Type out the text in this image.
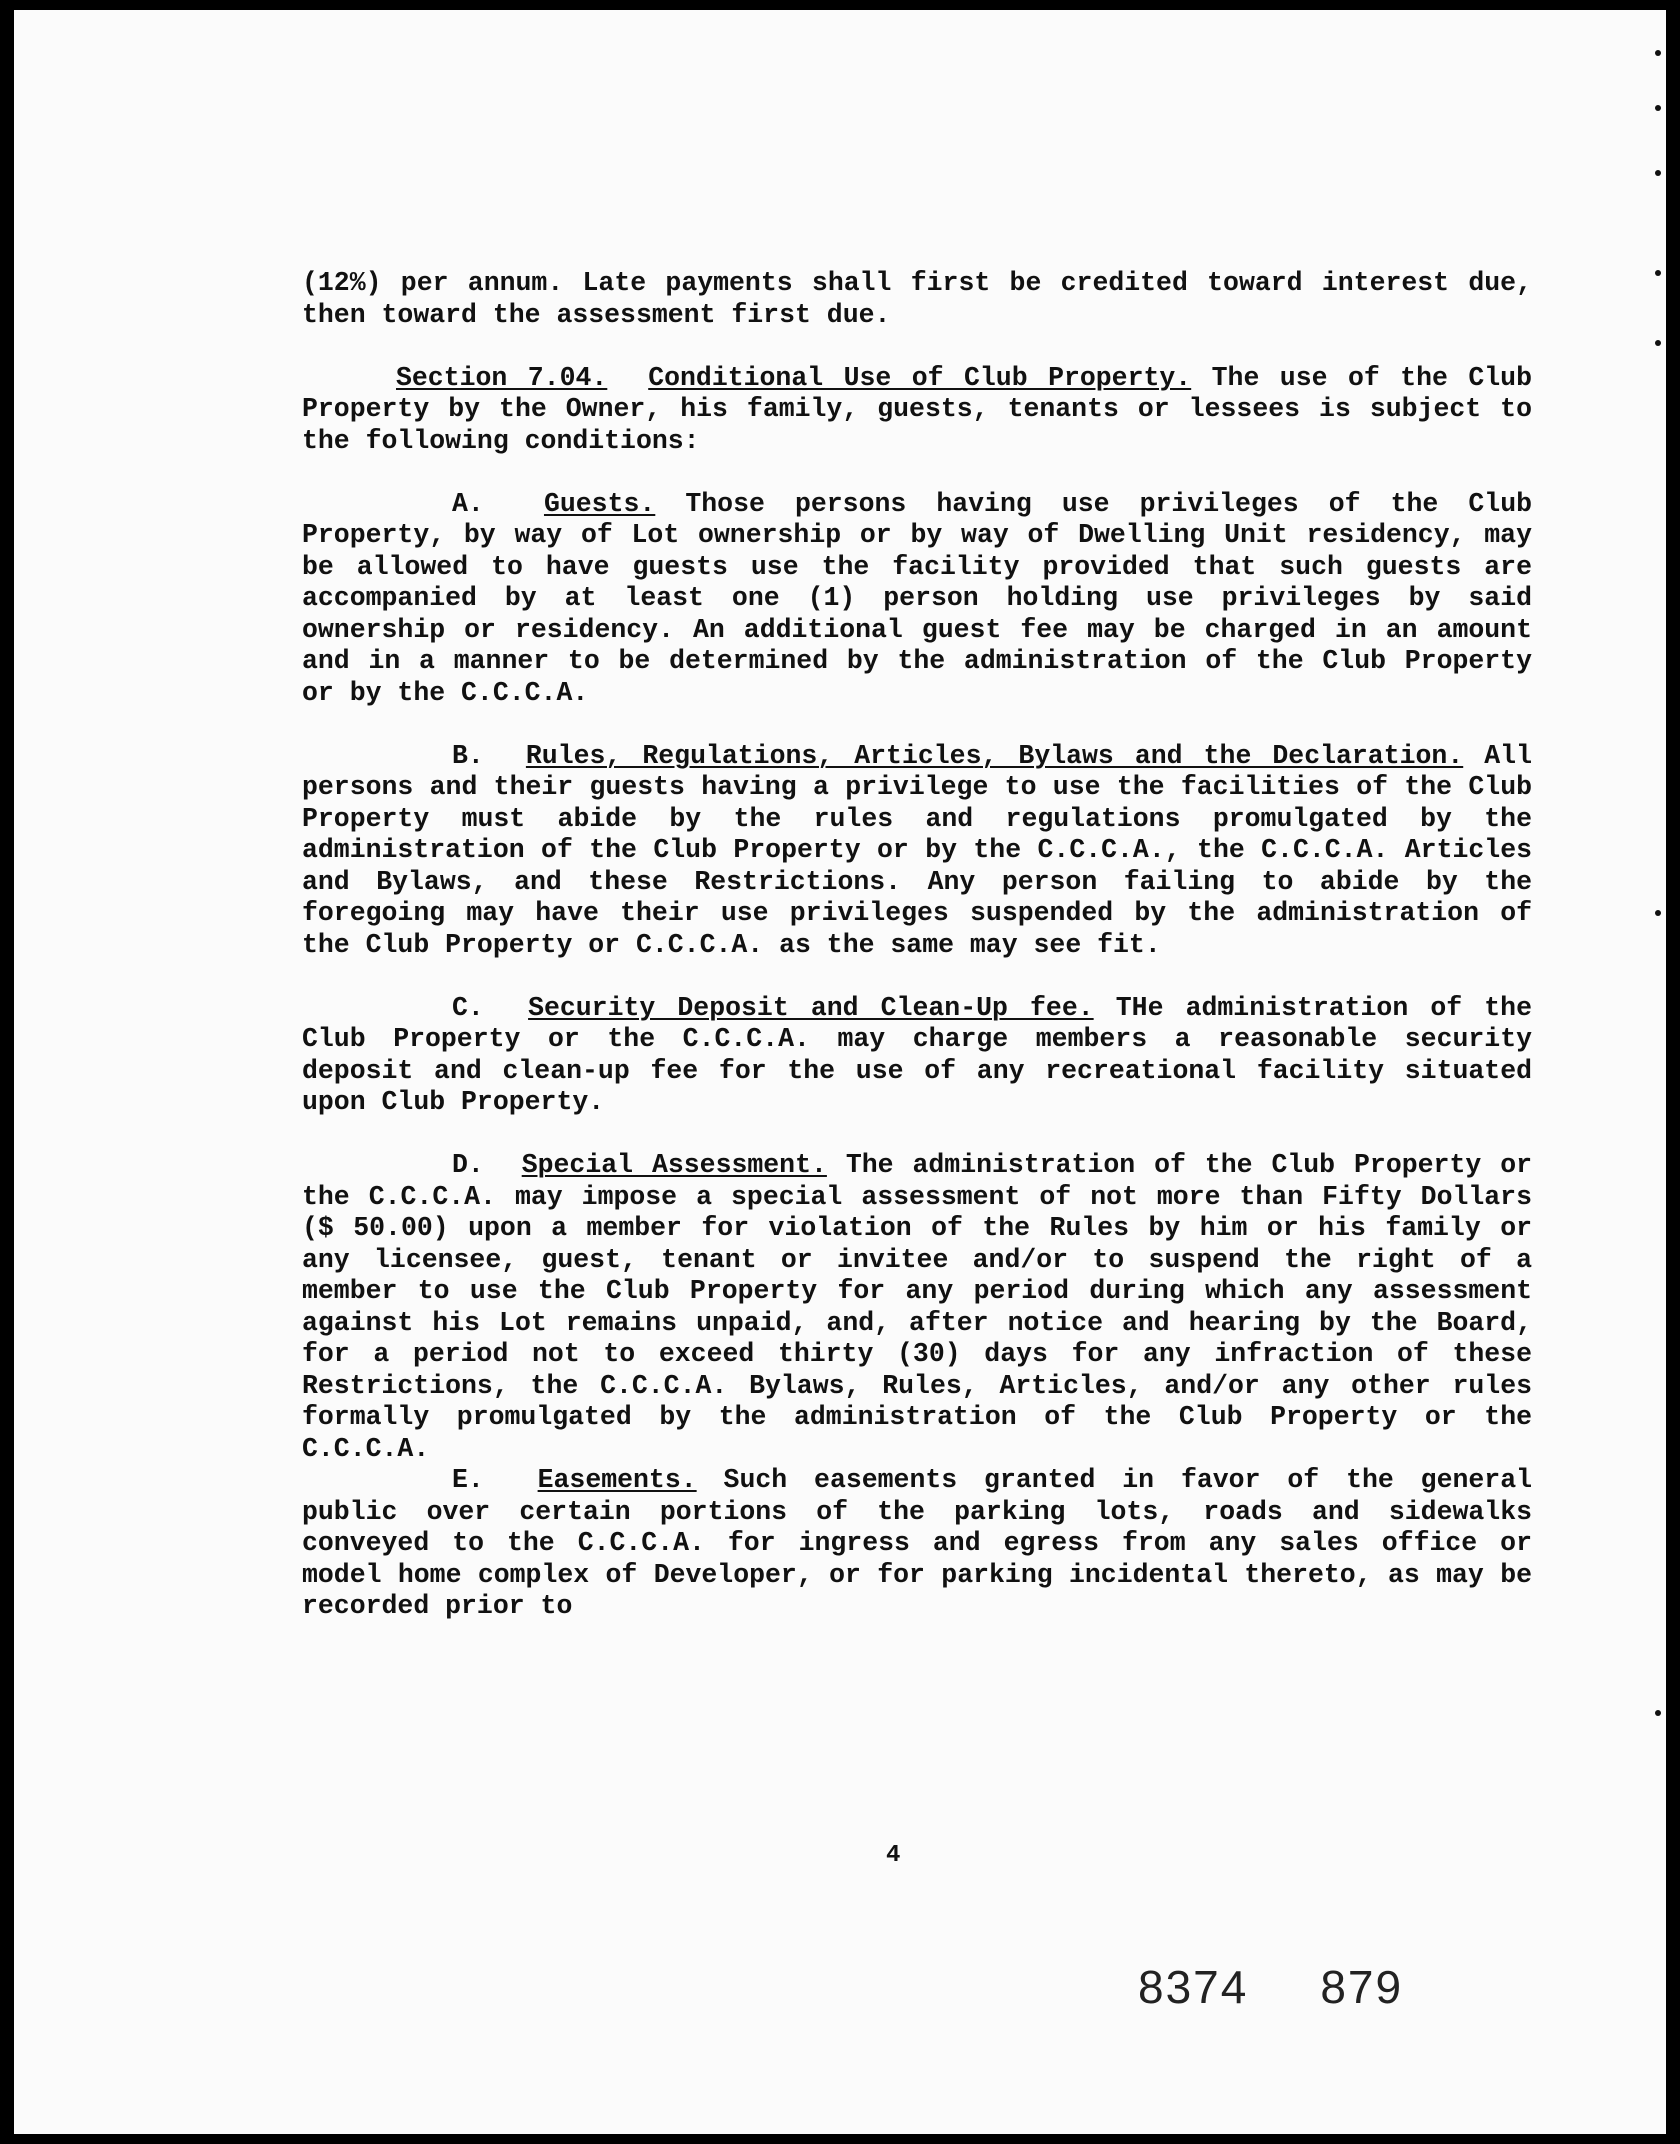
(12%) per annum. Late payments shall first be credited toward interest due, then toward the assessment first due.

Section 7.04. Conditional Use of Club Property. The use of the Club Property by the Owner, his family, guests, tenants or lessees is subject to the following conditions:

A. Guests. Those persons having use privileges of the Club Property, by way of Lot ownership or by way of Dwelling Unit residency, may be allowed to have guests use the facility provided that such guests are accompanied by at least one (1) person holding use privileges by said ownership or residency. An additional guest fee may be charged in an amount and in a manner to be determined by the administration of the Club Property or by the C.C.C.A.

B. Rules, Regulations, Articles, Bylaws and the Declaration. All persons and their guests having a privilege to use the facilities of the Club Property must abide by the rules and regulations promulgated by the administration of the Club Property or by the C.C.C.A., the C.C.C.A. Articles and Bylaws, and these Restrictions. Any person failing to abide by the foregoing may have their use privileges suspended by the administration of the Club Property or C.C.C.A. as the same may see fit.

C. Security Deposit and Clean-Up fee. THe administration of the Club Property or the C.C.C.A. may charge members a reasonable security deposit and clean-up fee for the use of any recreational facility situated upon Club Property.

D. Special Assessment. The administration of the Club Property or the C.C.C.A. may impose a special assessment of not more than Fifty Dollars ($ 50.00) upon a member for violation of the Rules by him or his family or any licensee, guest, tenant or invitee and/or to suspend the right of a member to use the Club Property for any period during which any assessment against his Lot remains unpaid, and, after notice and hearing by the Board, for a period not to exceed thirty (30) days for any infraction of these Restrictions, the C.C.C.A. Bylaws, Rules, Articles, and/or any other rules formally promulgated by the administration of the Club Property or the C.C.C.A.

E. Easements. Such easements granted in favor of the general public over certain portions of the parking lots, roads and sidewalks conveyed to the C.C.C.A. for ingress and egress from any sales office or model home complex of Developer, or for parking incidental thereto, as may be recorded prior to

4
8374 879
